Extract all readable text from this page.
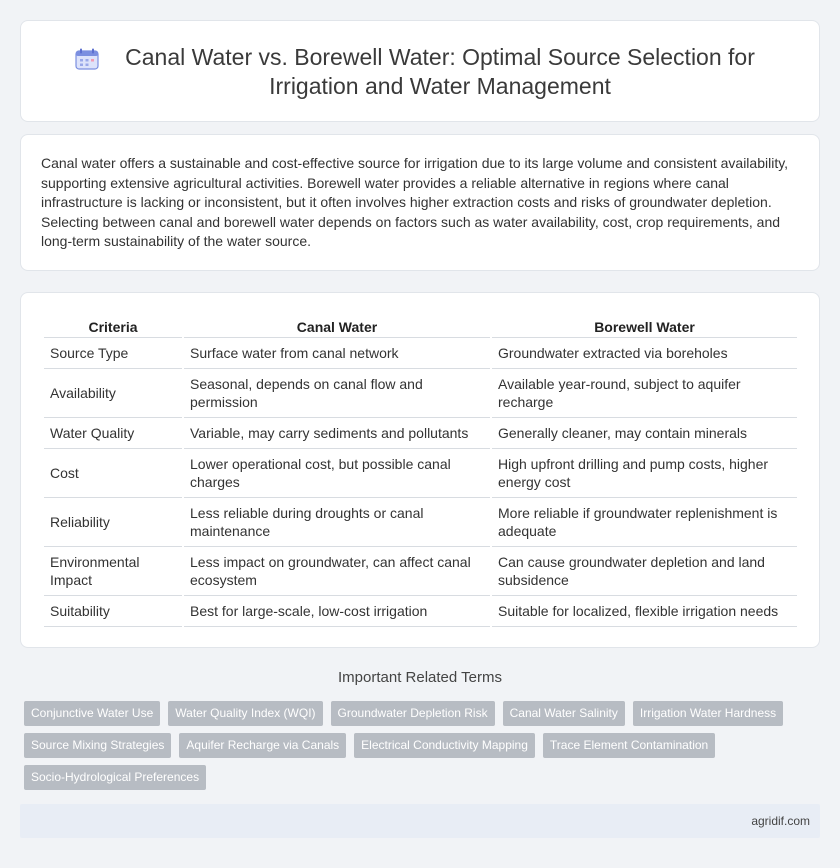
Canal Water vs. Borewell Water: Optimal Source Selection for Irrigation and Water Management

Canal water offers a sustainable and cost-effective source for irrigation due to its large volume and consistent availability, supporting extensive agricultural activities. Borewell water provides a reliable alternative in regions where canal infrastructure is lacking or inconsistent, but it often involves higher extraction costs and risks of groundwater depletion. Selecting between canal and borewell water depends on factors such as water availability, cost, crop requirements, and long-term sustainability of the water source.

Criteria	Canal Water	Borewell Water
Source Type	Surface water from canal network	Groundwater extracted via boreholes
Availability	Seasonal, depends on canal flow and permission	Available year-round, subject to aquifer recharge
Water Quality	Variable, may carry sediments and pollutants	Generally cleaner, may contain minerals
Cost	Lower operational cost, but possible canal charges	High upfront drilling and pump costs, higher energy cost
Reliability	Less reliable during droughts or canal maintenance	More reliable if groundwater replenishment is adequate
Environmental Impact	Less impact on groundwater, can affect canal ecosystem	Can cause groundwater depletion and land subsidence
Suitability	Best for large-scale, low-cost irrigation	Suitable for localized, flexible irrigation needs
Important Related Terms
Conjunctive Water Use	Water Quality Index (WQI)	Groundwater Depletion Risk	Canal Water Salinity	Irrigation Water Hardness
Source Mixing Strategies	Aquifer Recharge via Canals	Electrical Conductivity Mapping	Trace Element Contamination
Socio-Hydrological Preferences
agridif.com
